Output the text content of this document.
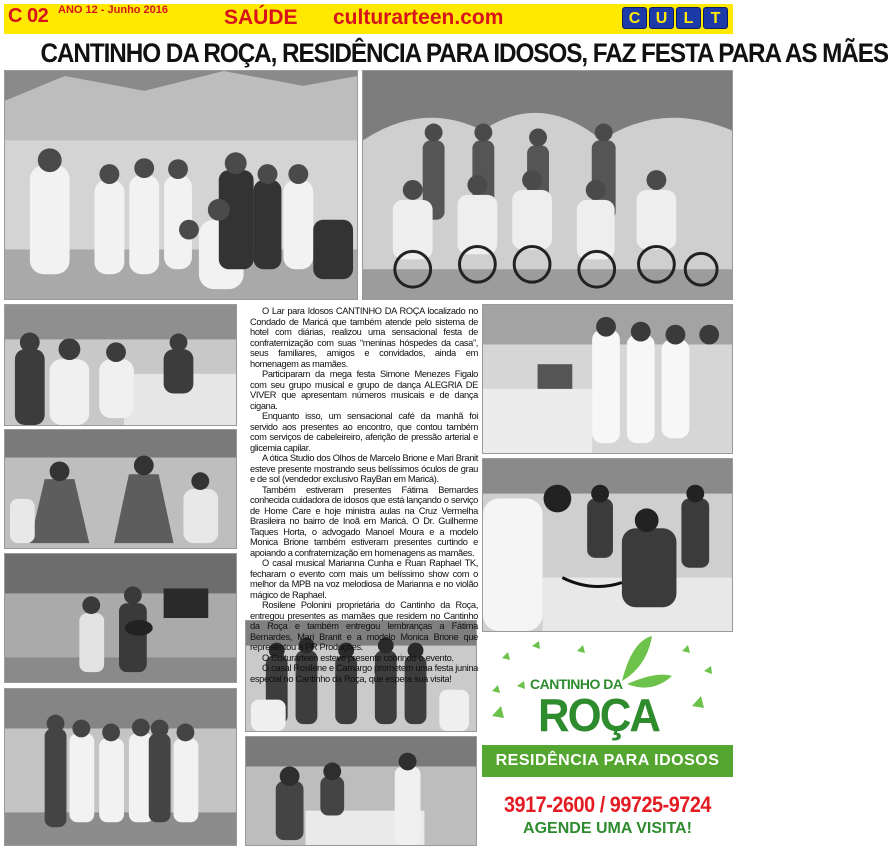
C 02 ANO 12 - Junho 2016	SAÚDE culturarteen.com	C U	L	T
CANTINHO DA ROÇA, RESIDÊNCIA PARA IDOSOS, FAZ FESTA PARA AS MÃES

O Lar para Idosos CANTINHO DA ROÇA localizado no Condado de Maricá que também atende pelo sistema de hotel com diárias, realizou uma sensacional festa de confraternização com suas “meninas hóspedes da casa”, seus familiares, amigos e convidados, ainda em homenagem as mamães.

Participaram da mega festa Simone Menezes Figalo com seu grupo musical e grupo de dança ALEGRIA DE VIVER que apresentam números musicais e de dança cigana.

Enquanto isso, um sensacional café da manhã foi servido aos presentes ao encontro, que contou também com serviços de cabeleireiro, aferição de pressão arterial e glicemia capilar.

A ótica Studio dos Olhos de Marcelo Brione e Mari Branit esteve presente mostrando seus belíssimos óculos de grau e de sol (vendedor exclusivo RayBan em Maricá).

Também estiveram presentes Fátima Bernardes conhecida cuidadora de idosos que está lançando o serviço de Home Care e hoje ministra aulas na Cruz Vermelha Brasileira no bairro de Inoã em Maricá. O Dr. Guilherme Taques Horta, o advogado Manoel Moura e a modelo Monica Brione também estiveram presentes curtindo e apoiando a confraternização em homenagens as mamães.

O casal musical Marianna Cunha e Ruan Raphael TK, fecharam o evento com mais um belíssimo show com o melhor da MPB na voz melodiosa de Marianna e no violão mágico de Raphael.

Rosilene Polonini proprietária do Cantinho da Roça, entregou presentes as mamães que residem no Cantinho da Roça e também entregou lembranças a Fátima Bernardes, Mari Branit e a modelo Monica Brione que representou a PR Produções.

O Culturarteen esteve presente cobrindo o evento.

O casal Rosilene e Camargo prometem uma festa junina especial no Cantinho da Roça, que espera sua visita!	CANTINHO DA
ROÇA
RESIDÊNCIA PARA IDOSOS
3917-2600 / 99725-9724
AGENDE UMA VISITA!
